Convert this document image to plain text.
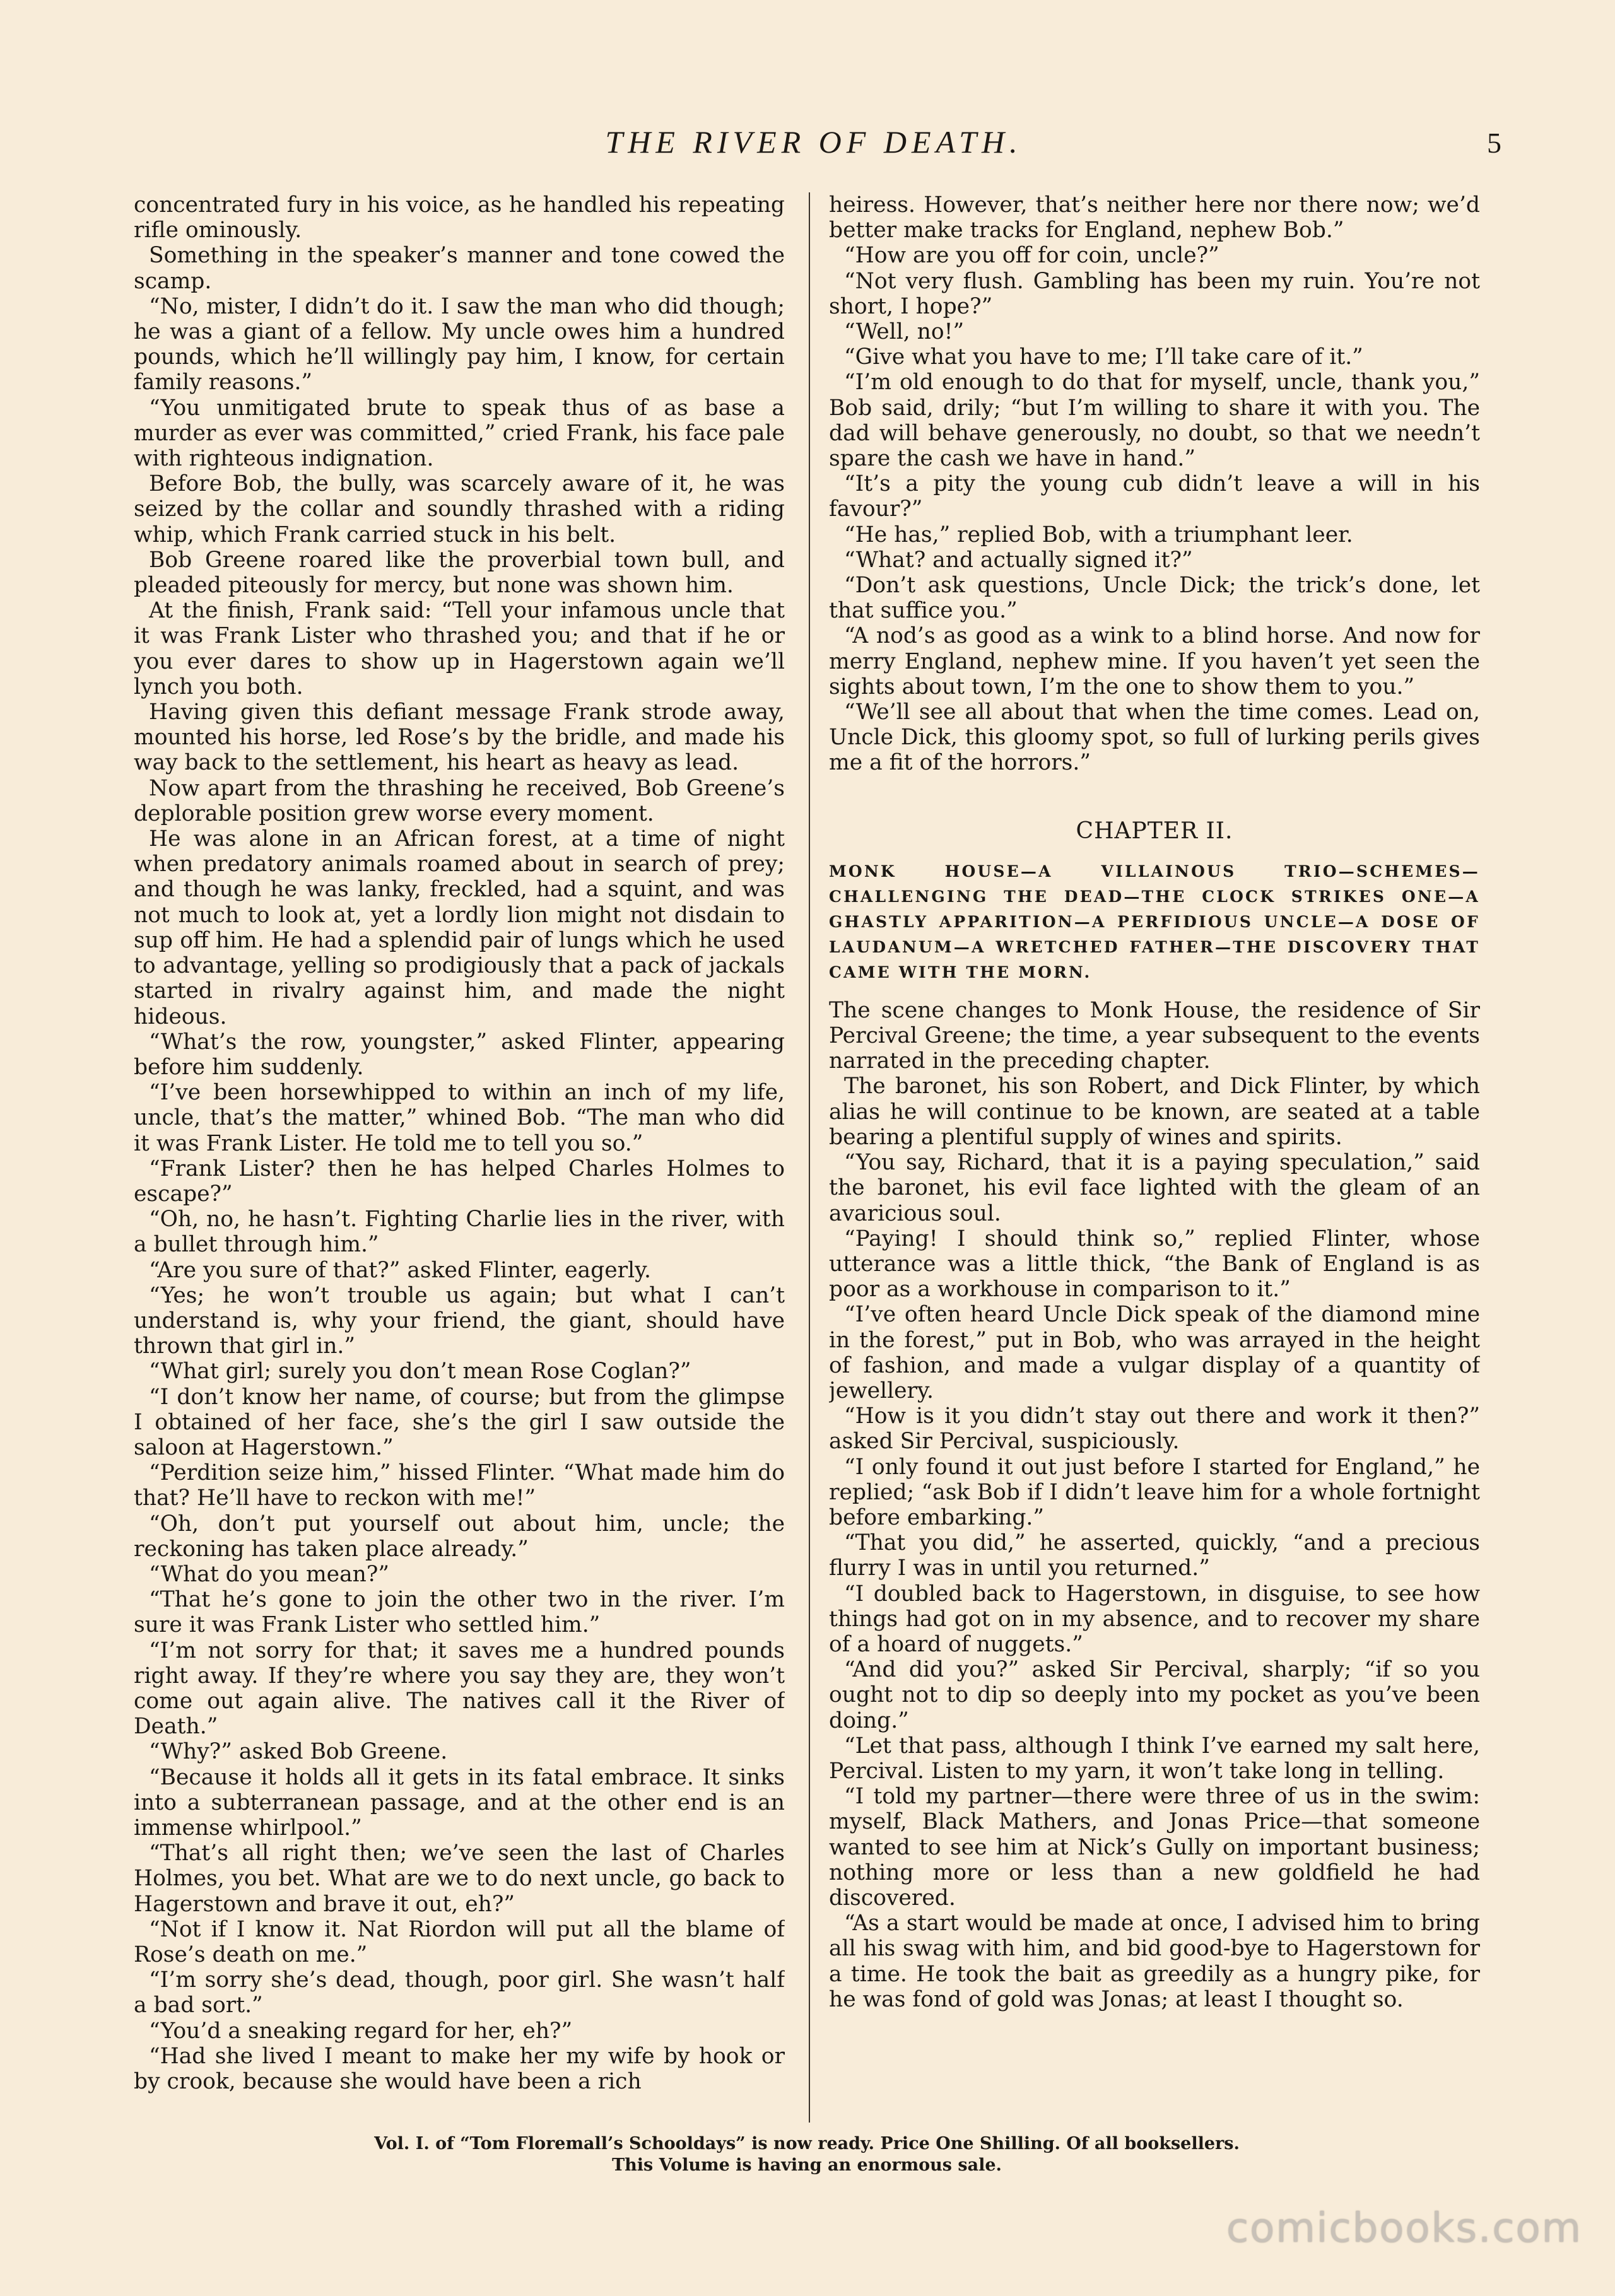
THE RIVER OF DEATH.	5

concentrated fury in his voice, as he handled his repeating rifle ominously.

Something in the speaker’s manner and tone cowed the scamp.

“No, mister, I didn’t do it. I saw the man who did though; he was a giant of a fellow. My uncle owes him a hundred pounds, which he’ll willingly pay him, I know, for certain family reasons.”

“You unmitigated brute to speak thus of as base a murder as ever was committed,” cried Frank, his face pale with righteous indignation.

Before Bob, the bully, was scarcely aware of it, he was seized by the collar and soundly thrashed with a riding whip, which Frank carried stuck in his belt.

Bob Greene roared like the proverbial town bull, and pleaded piteously for mercy, but none was shown him.

At the finish, Frank said: “Tell your infamous uncle that it was Frank Lister who thrashed you; and that if he or you ever dares to show up in Hagerstown again we’ll lynch you both.

Having given this defiant message Frank strode away, mounted his horse, led Rose’s by the bridle, and made his way back to the settlement, his heart as heavy as lead.

Now apart from the thrashing he received, Bob Greene’s deplorable position grew worse every moment.

He was alone in an African forest, at a time of night when predatory animals roamed about in search of prey; and though he was lanky, freckled, had a squint, and was not much to look at, yet a lordly lion might not disdain to sup off him. He had a splendid pair of lungs which he used to advantage, yelling so prodigiously that a pack of jackals started in rivalry against him, and made the night hideous.

“What’s the row, youngster,” asked Flinter, appearing before him suddenly.

“I’ve been horsewhipped to within an inch of my life, uncle, that’s the matter,” whined Bob. “The man who did it was Frank Lister. He told me to tell you so.”

“Frank Lister? then he has helped Charles Holmes to escape?”

“Oh, no, he hasn’t. Fighting Charlie lies in the river, with a bullet through him.”

“Are you sure of that?” asked Flinter, eagerly.

“Yes; he won’t trouble us again; but what I can’t understand is, why your friend, the giant, should have thrown that girl in.”

“What girl; surely you don’t mean Rose Coglan?”

“I don’t know her name, of course; but from the glimpse I obtained of her face, she’s the girl I saw outside the saloon at Hagerstown.”

“Perdition seize him,” hissed Flinter. “What made him do that? He’ll have to reckon with me!”

“Oh, don’t put yourself out about him, uncle; the reckoning has taken place already.”

“What do you mean?”

“That he’s gone to join the other two in the river. I’m sure it was Frank Lister who settled him.”

“I’m not sorry for that; it saves me a hundred pounds right away. If they’re where you say they are, they won’t come out again alive. The natives call it the River of Death.”

“Why?” asked Bob Greene.

“Because it holds all it gets in its fatal embrace. It sinks into a subterranean passage, and at the other end is an immense whirlpool.”

“That’s all right then; we’ve seen the last of Charles Holmes, you bet. What are we to do next uncle, go back to Hagerstown and brave it out, eh?”

“Not if I know it. Nat Riordon will put all the blame of Rose’s death on me.”

“I’m sorry she’s dead, though, poor girl. She wasn’t half a bad sort.”

“You’d a sneaking regard for her, eh?”

“Had she lived I meant to make her my wife by hook or by crook, because she would have been a rich

heiress. However, that’s neither here nor there now; we’d better make tracks for England, nephew Bob.”

“How are you off for coin, uncle?”

“Not very flush. Gambling has been my ruin. You’re not short, I hope?”

“Well, no!”

“Give what you have to me; I’ll take care of it.”

“I’m old enough to do that for myself, uncle, thank you,” Bob said, drily; “but I’m willing to share it with you. The dad will behave generously, no doubt, so that we needn’t spare the cash we have in hand.”

“It’s a pity the young cub didn’t leave a will in his favour?”

“He has,” replied Bob, with a triumphant leer.

“What? and actually signed it?”

“Don’t ask questions, Uncle Dick; the trick’s done, let that suffice you.”

“A nod’s as good as a wink to a blind horse. And now for merry England, nephew mine. If you haven’t yet seen the sights about town, I’m the one to show them to you.”

“We’ll see all about that when the time comes. Lead on, Uncle Dick, this gloomy spot, so full of lurking perils gives me a fit of the horrors.”

CHAPTER II.
MONK HOUSE—A VILLAINOUS TRIO—SCHEMES—CHALLENGING THE DEAD—THE CLOCK STRIKES ONE—A GHASTLY APPARITION—A PERFIDIOUS UNCLE—A DOSE OF LAUDANUM—A WRETCHED FATHER—THE DISCOVERY THAT CAME WITH THE MORN.

The scene changes to Monk House, the residence of Sir Percival Greene; the time, a year subsequent to the events narrated in the preceding chapter.

The baronet, his son Robert, and Dick Flinter, by which alias he will continue to be known, are seated at a table bearing a plentiful supply of wines and spirits.

“You say, Richard, that it is a paying speculation,” said the baronet, his evil face lighted with the gleam of an avaricious soul.

“Paying! I should think so,” replied Flinter, whose utterance was a little thick, “the Bank of England is as poor as a workhouse in comparison to it.”

“I’ve often heard Uncle Dick speak of the diamond mine in the forest,” put in Bob, who was arrayed in the height of fashion, and made a vulgar display of a quantity of jewellery.

“How is it you didn’t stay out there and work it then?” asked Sir Percival, suspiciously.

“I only found it out just before I started for England,” he replied; “ask Bob if I didn’t leave him for a whole fortnight before embarking.”

“That you did,” he asserted, quickly, “and a precious flurry I was in until you returned.”

“I doubled back to Hagerstown, in disguise, to see how things had got on in my absence, and to recover my share of a hoard of nuggets.”

“And did you?” asked Sir Percival, sharply; “if so you ought not to dip so deeply into my pocket as you’ve been doing.”

“Let that pass, although I think I’ve earned my salt here, Percival. Listen to my yarn, it won’t take long in telling.

“I told my partner—there were three of us in the swim: myself, Black Mathers, and Jonas Price—that someone wanted to see him at Nick’s Gully on important business; nothing more or less than a new goldfield he had discovered.

“As a start would be made at once, I advised him to bring all his swag with him, and bid good-bye to Hagerstown for a time. He took the bait as greedily as a hungry pike, for he was fond of gold was Jonas; at least I thought so.

Vol. I. of “Tom Floremall’s Schooldays” is now ready. Price One Shilling. Of all booksellers.
This Volume is having an enormous sale.
comicbooks.com
